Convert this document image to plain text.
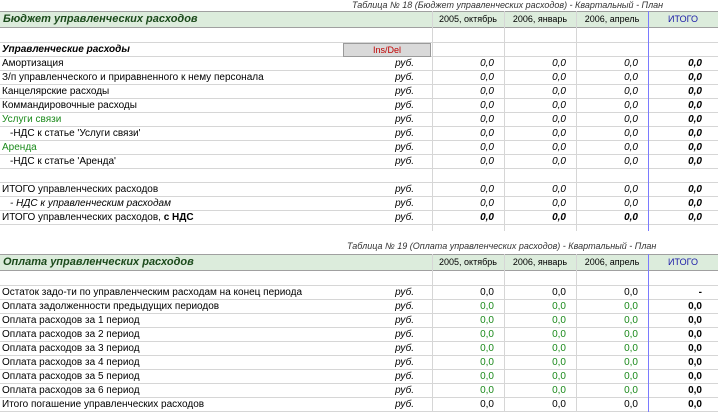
Таблица № 18 (Бюджет управленческих расходов) - Квартальный - План
Бюджет управленческих расходов	2005, октябрь	2006, январь	2006, апрель	ИТОГО
Управленческие расходы	Ins/Del
Амортизация	руб.	0,0	0,0	0,0	0,0
З/п управленческого и приравненного к нему персонала	руб.	0,0	0,0	0,0	0,0
Канцелярские расходы	руб.	0,0	0,0	0,0	0,0
Коммандировочные расходы	руб.	0,0	0,0	0,0	0,0
Услуги связи	руб.	0,0	0,0	0,0	0,0
-НДС к статье 'Услуги связи'	руб.	0,0	0,0	0,0	0,0
Аренда	руб.	0,0	0,0	0,0	0,0
-НДС к статье 'Аренда'	руб.	0,0	0,0	0,0	0,0
ИТОГО управленческих расходов	руб.	0,0	0,0	0,0	0,0
- НДС к управленческим расходам	руб.	0,0	0,0	0,0	0,0
ИТОГО управленческих расходов, с НДС	руб.	0,0	0,0	0,0	0,0
Таблица № 19 (Оплата управленческих расходов) - Квартальный - План
Оплата управленческих расходов	2005, октябрь	2006, январь	2006, апрель	ИТОГО
Остаток задо-ти по управленческим расходам на конец периода	руб.	0,0	0,0	0,0	-
Оплата задолженности предыдущих периодов	руб.	0,0	0,0	0,0	0,0
Оплата расходов за 1 период	руб.	0,0	0,0	0,0	0,0
Оплата расходов за 2 период	руб.	0,0	0,0	0,0	0,0
Оплата расходов за 3 период	руб.	0,0	0,0	0,0	0,0
Оплата расходов за 4 период	руб.	0,0	0,0	0,0	0,0
Оплата расходов за 5 период	руб.	0,0	0,0	0,0	0,0
Оплата расходов за 6 период	руб.	0,0	0,0	0,0	0,0
Итого погашение управленческих расходов	руб.	0,0	0,0	0,0	0,0
